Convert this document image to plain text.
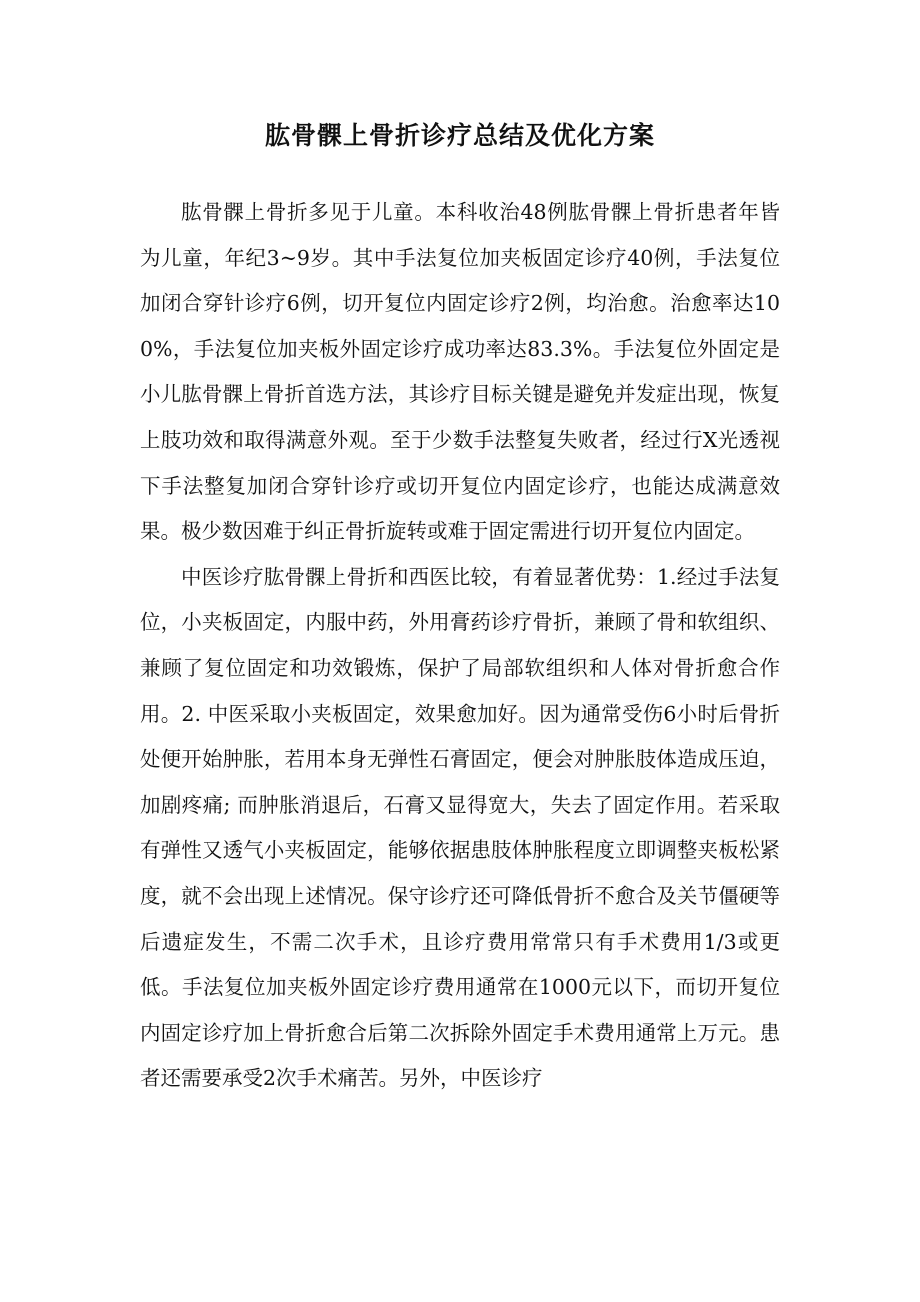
肱骨髁上骨折诊疗总结及优化方案

肱骨髁上骨折多见于儿童。本科收治48例肱骨髁上骨折患者年皆为儿童，年纪3~9岁。其中手法复位加夹板固定诊疗40例，手法复位加闭合穿针诊疗6例，切开复位内固定诊疗2例，均治愈。治愈率达100%，手法复位加夹板外固定诊疗成功率达83.3%。手法复位外固定是小儿肱骨髁上骨折首选方法，其诊疗目标关键是避免并发症出现，恢复上肢功效和取得满意外观。至于少数手法整复失败者，经过行X光透视下手法整复加闭合穿针诊疗或切开复位内固定诊疗，也能达成满意效果。极少数因难于纠正骨折旋转或难于固定需进行切开复位内固定。

中医诊疗肱骨髁上骨折和西医比较，有着显著优势：1.经过手法复位，小夹板固定，内服中药，外用膏药诊疗骨折，兼顾了骨和软组织、兼顾了复位固定和功效锻炼，保护了局部软组织和人体对骨折愈合作用。2. 中医采取小夹板固定，效果愈加好。因为通常受伤6小时后骨折处便开始肿胀，若用本身无弹性石膏固定，便会对肿胀肢体造成压迫，加剧疼痛; 而肿胀消退后，石膏又显得宽大，失去了固定作用。若采取有弹性又透气小夹板固定，能够依据患肢体肿胀程度立即调整夹板松紧度，就不会出现上述情况。保守诊疗还可降低骨折不愈合及关节僵硬等后遗症发生，不需二次手术，且诊疗费用常常只有手术费用1/3或更低。手法复位加夹板外固定诊疗费用通常在1000元以下，而切开复位内固定诊疗加上骨折愈合后第二次拆除外固定手术费用通常上万元。患者还需要承受2次手术痛苦。另外，中医诊疗
